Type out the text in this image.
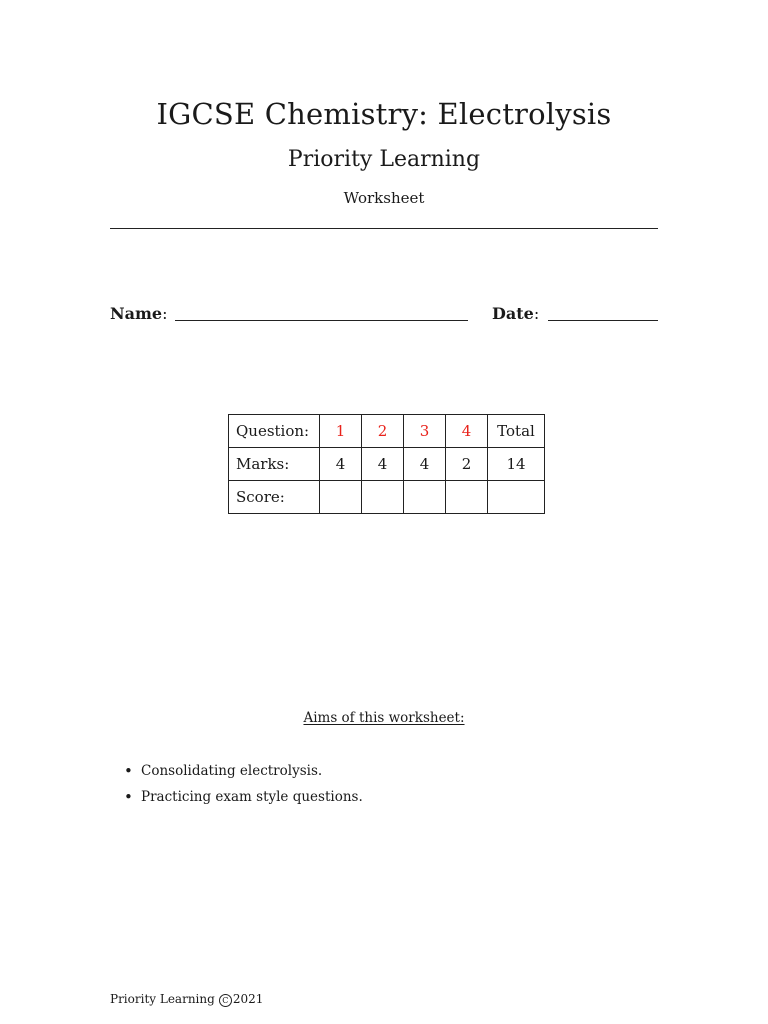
IGCSE Chemistry: Electrolysis
Priority Learning
Worksheet
Name:	Date:
Question:	1	2	3	4	Total
Marks:	4	4	4	2	14
Score:					
Aims of this worksheet:
• Consolidating electrolysis.
• Practicing exam style questions.
Priority Learning C 2021
